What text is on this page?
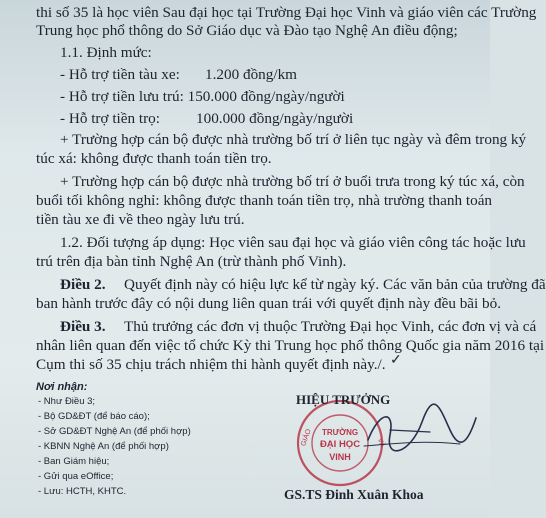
thi số 35 là học viên Sau đại học tại Trường Đại học Vinh và giáo viên các Trường
Trung học phổ thông do Sở Giáo dục và Đào tạo Nghệ An điều động;
1.1. Định mức:
- Hỗ trợ tiền tàu xe: 1.200 đồng/km
- Hỗ trợ tiền lưu trú: 150.000 đồng/ngày/người
- Hỗ trợ tiền trọ: 100.000 đồng/ngày/người
+ Trường hợp cán bộ được nhà trường bố trí ở liên tục ngày và đêm trong ký
túc xá: không được thanh toán tiền trọ.
+ Trường hợp cán bộ được nhà trường bố trí ở buổi trưa trong ký túc xá, còn
buổi tối không nghỉ: không được thanh toán tiền trọ, nhà trường thanh toán
tiền tàu xe đi về theo ngày lưu trú.
1.2. Đối tượng áp dụng: Học viên sau đại học và giáo viên công tác hoặc lưu
trú trên địa bàn tỉnh Nghệ An (trừ thành phố Vinh).
Điều 2. Quyết định này có hiệu lực kể từ ngày ký. Các văn bản của trường đã
ban hành trước đây có nội dung liên quan trái với quyết định này đều bãi bỏ.
Điều 3. Thủ trưởng các đơn vị thuộc Trường Đại học Vinh, các đơn vị và cá
nhân liên quan đến việc tổ chức Kỳ thi Trung học phổ thông Quốc gia năm 2016 tại
Cụm thi số 35 chịu trách nhiệm thi hành quyết định này./. ✓
Nơi nhận:
- Như Điều 3;
- Bộ GD&ĐT (để báo cáo);
- Sở GD&ĐT Nghệ An (để phối hợp)
- KBNN Nghệ An (để phối hợp)
- Ban Giám hiệu;
- Gửi qua eOffice;
- Lưu: HCTH, KHTC.
GIÁO	VÀ
TRƯỜNG
ĐẠI HỌC
VINH
HIỆU TRƯỞNG
GS.TS Đinh Xuân Khoa
